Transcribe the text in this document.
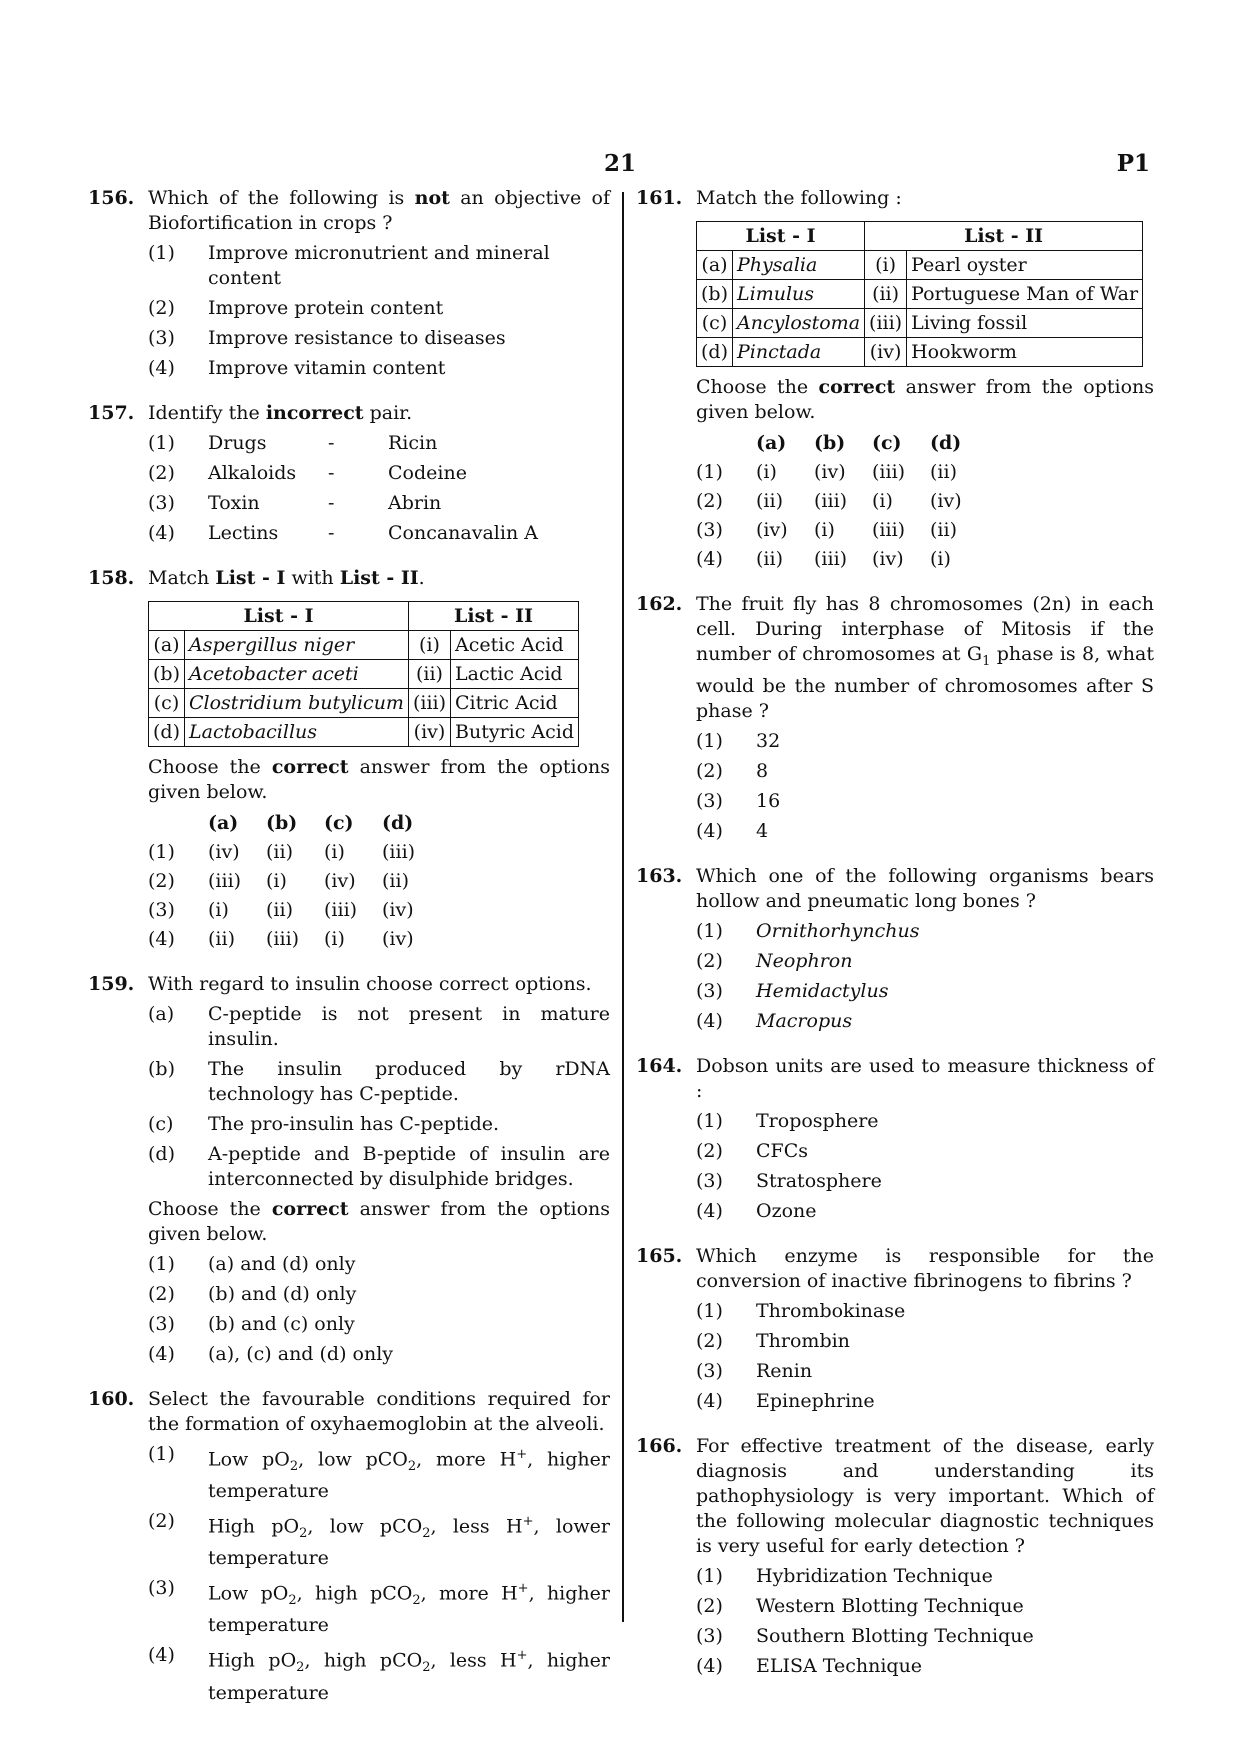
21	P1
156. Which of the following is not an objective of Biofortification in crops ?
(1) Improve micronutrient and mineral content
(2) Improve protein content
(3) Improve resistance to diseases
(4) Improve vitamin content
157. Identify the incorrect pair.
(1) Drugs	-	Ricin
(2) Alkaloids	-	Codeine
(3) Toxin	-	Abrin
(4) Lectins	-	Concanavalin A
158. Match List - I with List - II.
List - I		List - II	
(a)	Aspergillus niger	(i)	Acetic Acid
(b)	Acetobacter aceti	(ii)	Lactic Acid
(c)	Clostridium butylicum	(iii)	Citric Acid
(d)	Lactobacillus	(iv)	Butyric Acid
Choose the correct answer from the options given below.
(a)	(b)	(c)	(d)
(1)	(iv)	(ii)	(i)	(iii)
(2)	(iii)	(i)	(iv)	(ii)
(3)	(i)	(ii)	(iii)	(iv)
(4)	(ii)	(iii)	(i)	(iv)
159. With regard to insulin choose correct options.
(a) C-peptide is not present in mature insulin.
(b) The insulin produced by rDNA technology has C-peptide.
(c) The pro-insulin has C-peptide.
(d) A-peptide and B-peptide of insulin are interconnected by disulphide bridges.
Choose the correct answer from the options given below.
(1) (a) and (d) only
(2) (b) and (d) only
(3) (b) and (c) only
(4) (a), (c) and (d) only
160. Select the favourable conditions required for the formation of oxyhaemoglobin at the alveoli.
(1) Low $pO_2$, low pCO$_2$, more H+, higher temperature
(2) High $pO_2$, low pCO$_2$, less H+, lower temperature
(3) Low $pO_2$, high pCO$_2$, more H+, higher temperature
(4) High $pO_2$, high pCO$_2$, less H+, higher temperature
161. Match the following :
List - I		List - II	
(a)	Physalia	(i)	Pearl oyster
(b)	Limulus	(ii)	Portuguese Man of War
(c)	Ancylostoma	(iii)	Living fossil
(d)	Pinctada	(iv)	Hookworm
Choose the correct answer from the options given below.
(a)	(b)	(c)	(d)
(1)	(i)	(iv)	(iii)	(ii)
(2)	(ii)	(iii)	(i)	(iv)
(3)	(iv)	(i)	(iii)	(ii)
(4)	(ii)	(iii)	(iv)	(i)
162. The fruit fly has 8 chromosomes (2n) in each cell. During interphase of Mitosis if the number of chromosomes at $G_1$ phase is 8, what would be the number of chromosomes after S phase ?
(1) 32
(2) 8
(3) 16
(4) 4
163. Which one of the following organisms bears hollow and pneumatic long bones ?
(1) Ornithorhynchus
(2) Neophron
(3) Hemidactylus
(4) Macropus
164. Dobson units are used to measure thickness of :
(1) Troposphere
(2) CFCs
(3) Stratosphere
(4) Ozone
165. Which enzyme is responsible for the conversion of inactive fibrinogens to fibrins ?
(1) Thrombokinase
(2) Thrombin
(3) Renin
(4) Epinephrine
166. For effective treatment of the disease, early diagnosis and understanding its pathophysiology is very important. Which of the following molecular diagnostic techniques is very useful for early detection ?
(1) Hybridization Technique
(2) Western Blotting Technique
(3) Southern Blotting Technique
(4) ELISA Technique
